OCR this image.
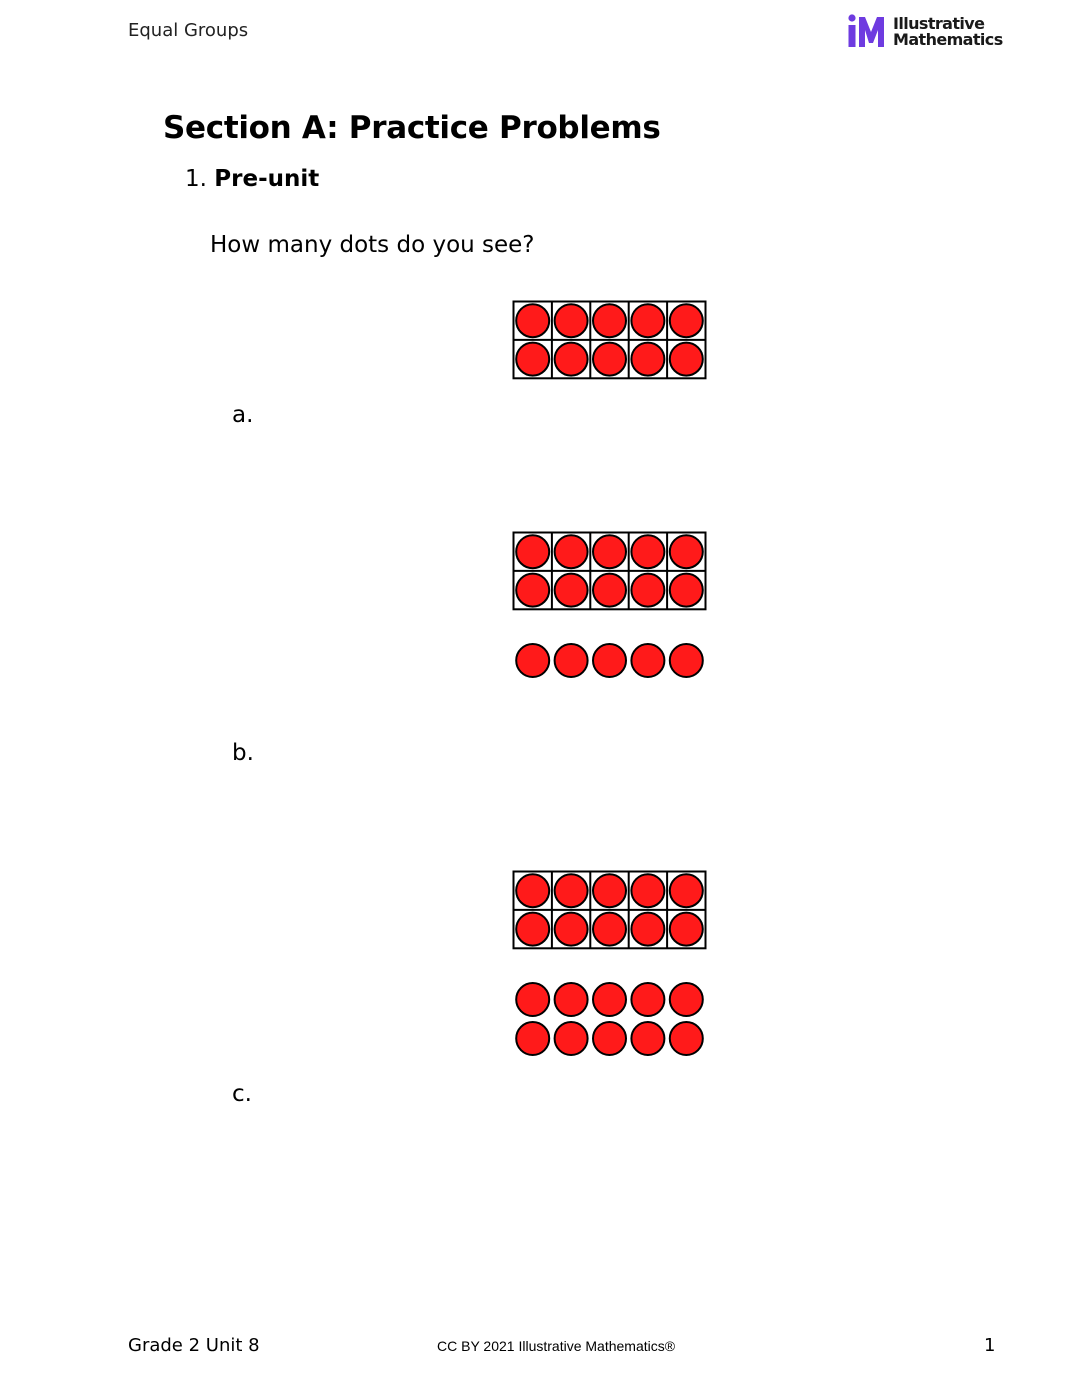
Equal Groups	Illustrative
Mathematics
Section A: Practice Problems
1. Pre-unit
How many dots do you see?
a.
b.
c.
Grade 2 Unit 8	CC BY 2021 Illustrative Mathematics®	1
